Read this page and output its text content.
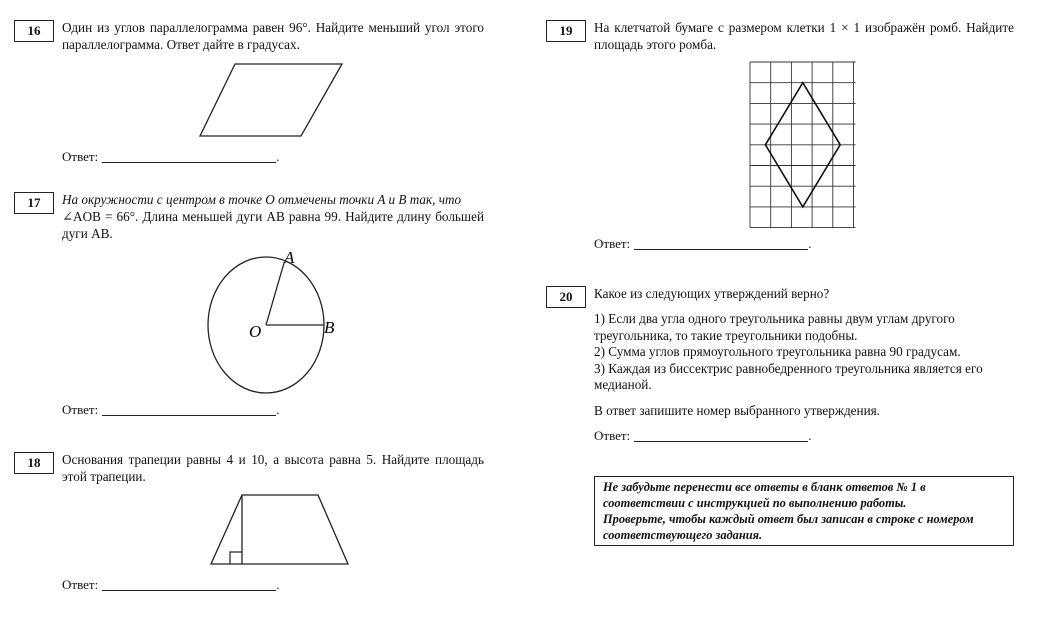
16	Один из углов параллелограмма равен 96°. Найдите меньший угол этого параллелограмма. Ответ дайте в градусах.
Ответ:	.
17	На окружности с центром в точке O отмечены точки A и B так, что
∠AOB = 66°. Длина меньшей дуги AB равна 99. Найдите длину большей дуги AB.
A
O	B
Ответ:	.
18	Основания трапеции равны 4 и 10, а высота равна 5. Найдите площадь этой трапеции.
Ответ:	.
19	На клетчатой бумаге с размером клетки 1 × 1 изображён ромб. Найдите площадь этого ромба.
Ответ:	.
20	Какое из следующих утверждений верно?
1) Если два угла одного треугольника равны двум углам другого треугольника, то такие треугольники подобны.
2) Сумма углов прямоугольного треугольника равна 90 градусам.
3) Каждая из биссектрис равнобедренного треугольника является его медианой.
В ответ запишите номер выбранного утверждения.
Ответ:	.
Не забудьте перенести все ответы в бланк ответов № 1 в соответствии с инструкцией по выполнению работы.
Проверьте, чтобы каждый ответ был записан в строке с номером соответствующего задания.
